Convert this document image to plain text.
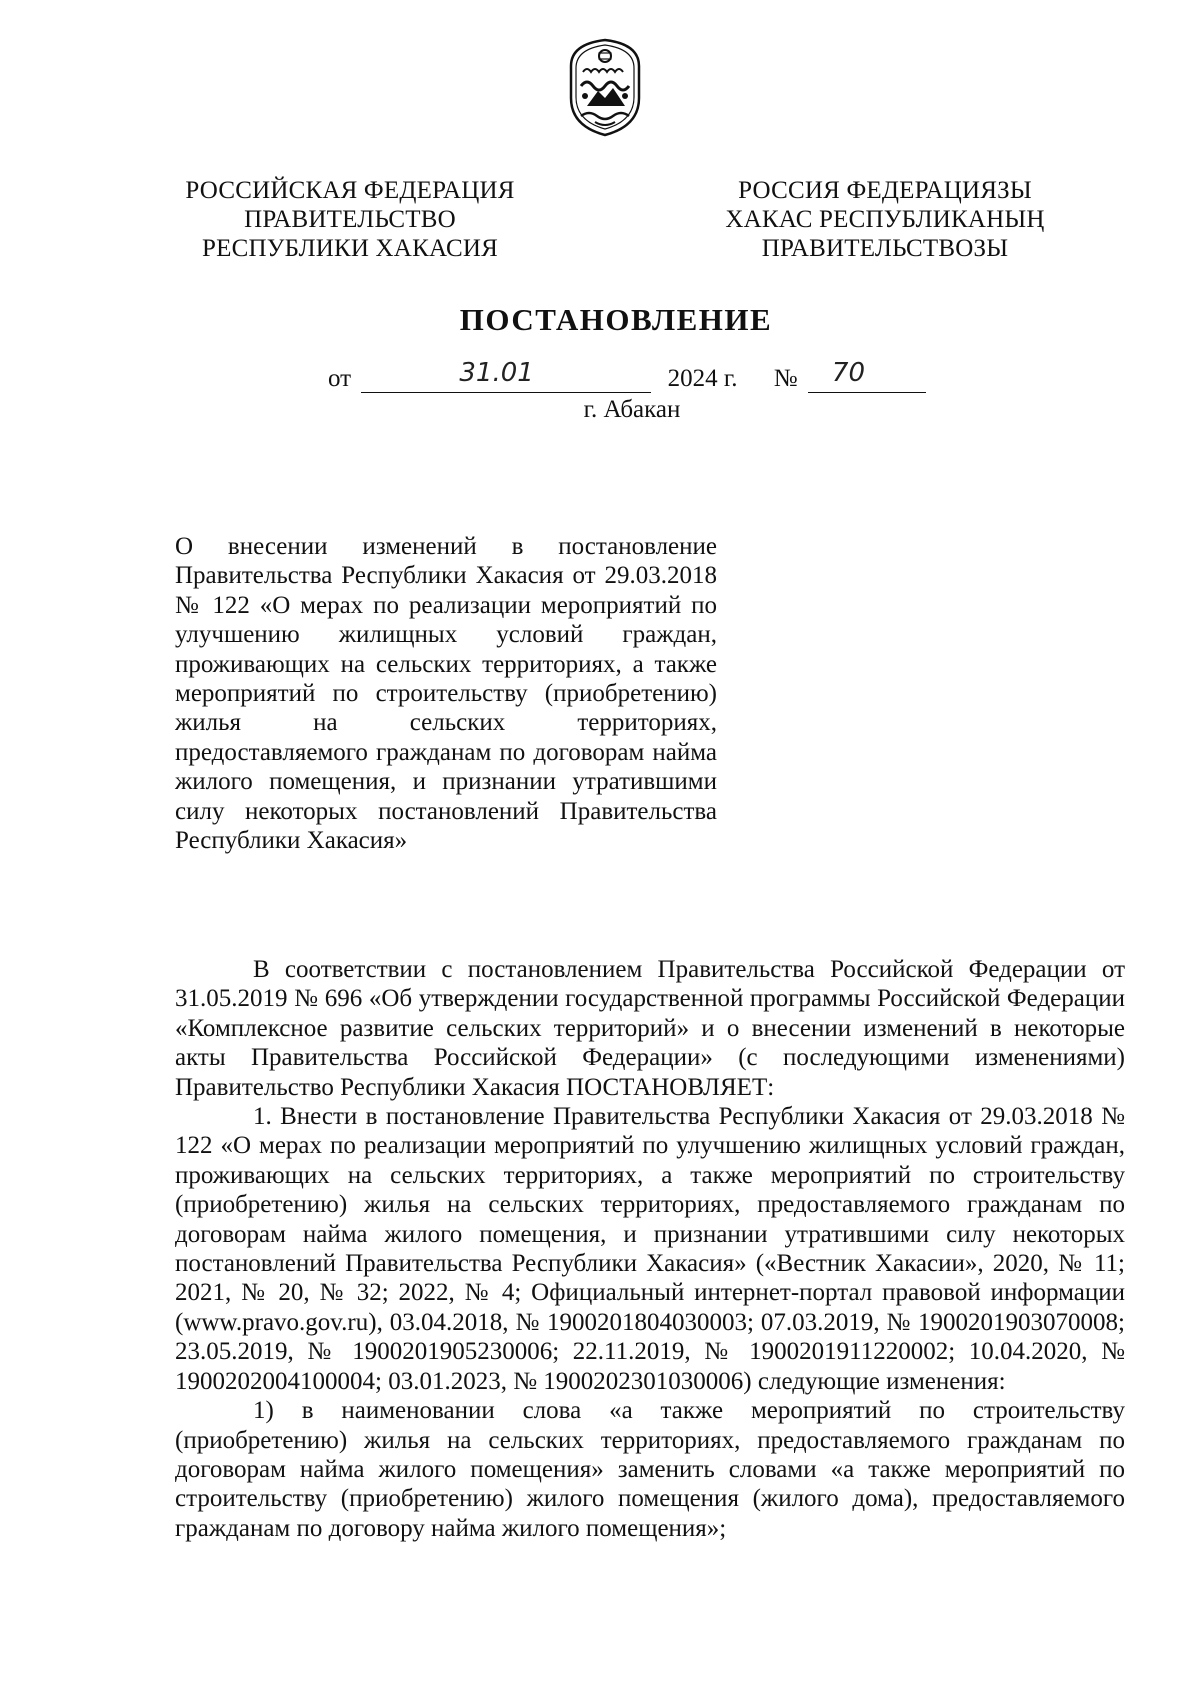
РОССИЙСКАЯ ФЕДЕРАЦИЯ
ПРАВИТЕЛЬСТВО
РЕСПУБЛИКИ ХАКАСИЯ
РОССИЯ ФЕДЕРАЦИЯЗЫ
ХАКАС РЕСПУБЛИКАНЫҢ
ПРАВИТЕЛЬСТВОЗЫ
ПОСТАНОВЛЕНИЕ
от	31.01	2024 г. № 70
г. Абакан
О внесении изменений в постановление Правительства Республики Хакасия от 29.03.2018 № 122 «О мерах по реализации мероприятий по улучшению жилищных условий граждан, проживающих на сельских территориях, а также мероприятий по строительству (приобретению) жилья на сельских территориях, предоставляемого гражданам по договорам найма жилого помещения, и признании утратившими силу некоторых постановлений Правительства Республики Хакасия»

В соответствии с постановлением Правительства Российской Федерации от 31.05.2019 № 696 «Об утверждении государственной программы Российской Федерации «Комплексное развитие сельских территорий» и о внесении изменений в некоторые акты Правительства Российской Федерации» (с последующими изменениями) Правительство Республики Хакасия ПОСТАНОВЛЯЕТ:

1. Внести в постановление Правительства Республики Хакасия от 29.03.2018 № 122 «О мерах по реализации мероприятий по улучшению жилищных условий граждан, проживающих на сельских территориях, а также мероприятий по строительству (приобретению) жилья на сельских территориях, предоставляемого гражданам по договорам найма жилого помещения, и признании утратившими силу некоторых постановлений Правительства Республики Хакасия» («Вестник Хакасии», 2020, № 11; 2021, № 20, № 32; 2022, № 4; Официальный интернет-портал правовой информации (www.pravo.gov.ru), 03.04.2018, № 1900201804030003; 07.03.2019, № 1900201903070008; 23.05.2019, № 1900201905230006; 22.11.2019, № 1900201911220002; 10.04.2020, № 1900202004100004; 03.01.2023, № 1900202301030006) следующие изменения:

1) в наименовании слова «а также мероприятий по строительству (приобретению) жилья на сельских территориях, предоставляемого гражданам по договорам найма жилого помещения» заменить словами «а также мероприятий по строительству (приобретению) жилого помещения (жилого дома), предоставляемого гражданам по договору найма жилого помещения»;
